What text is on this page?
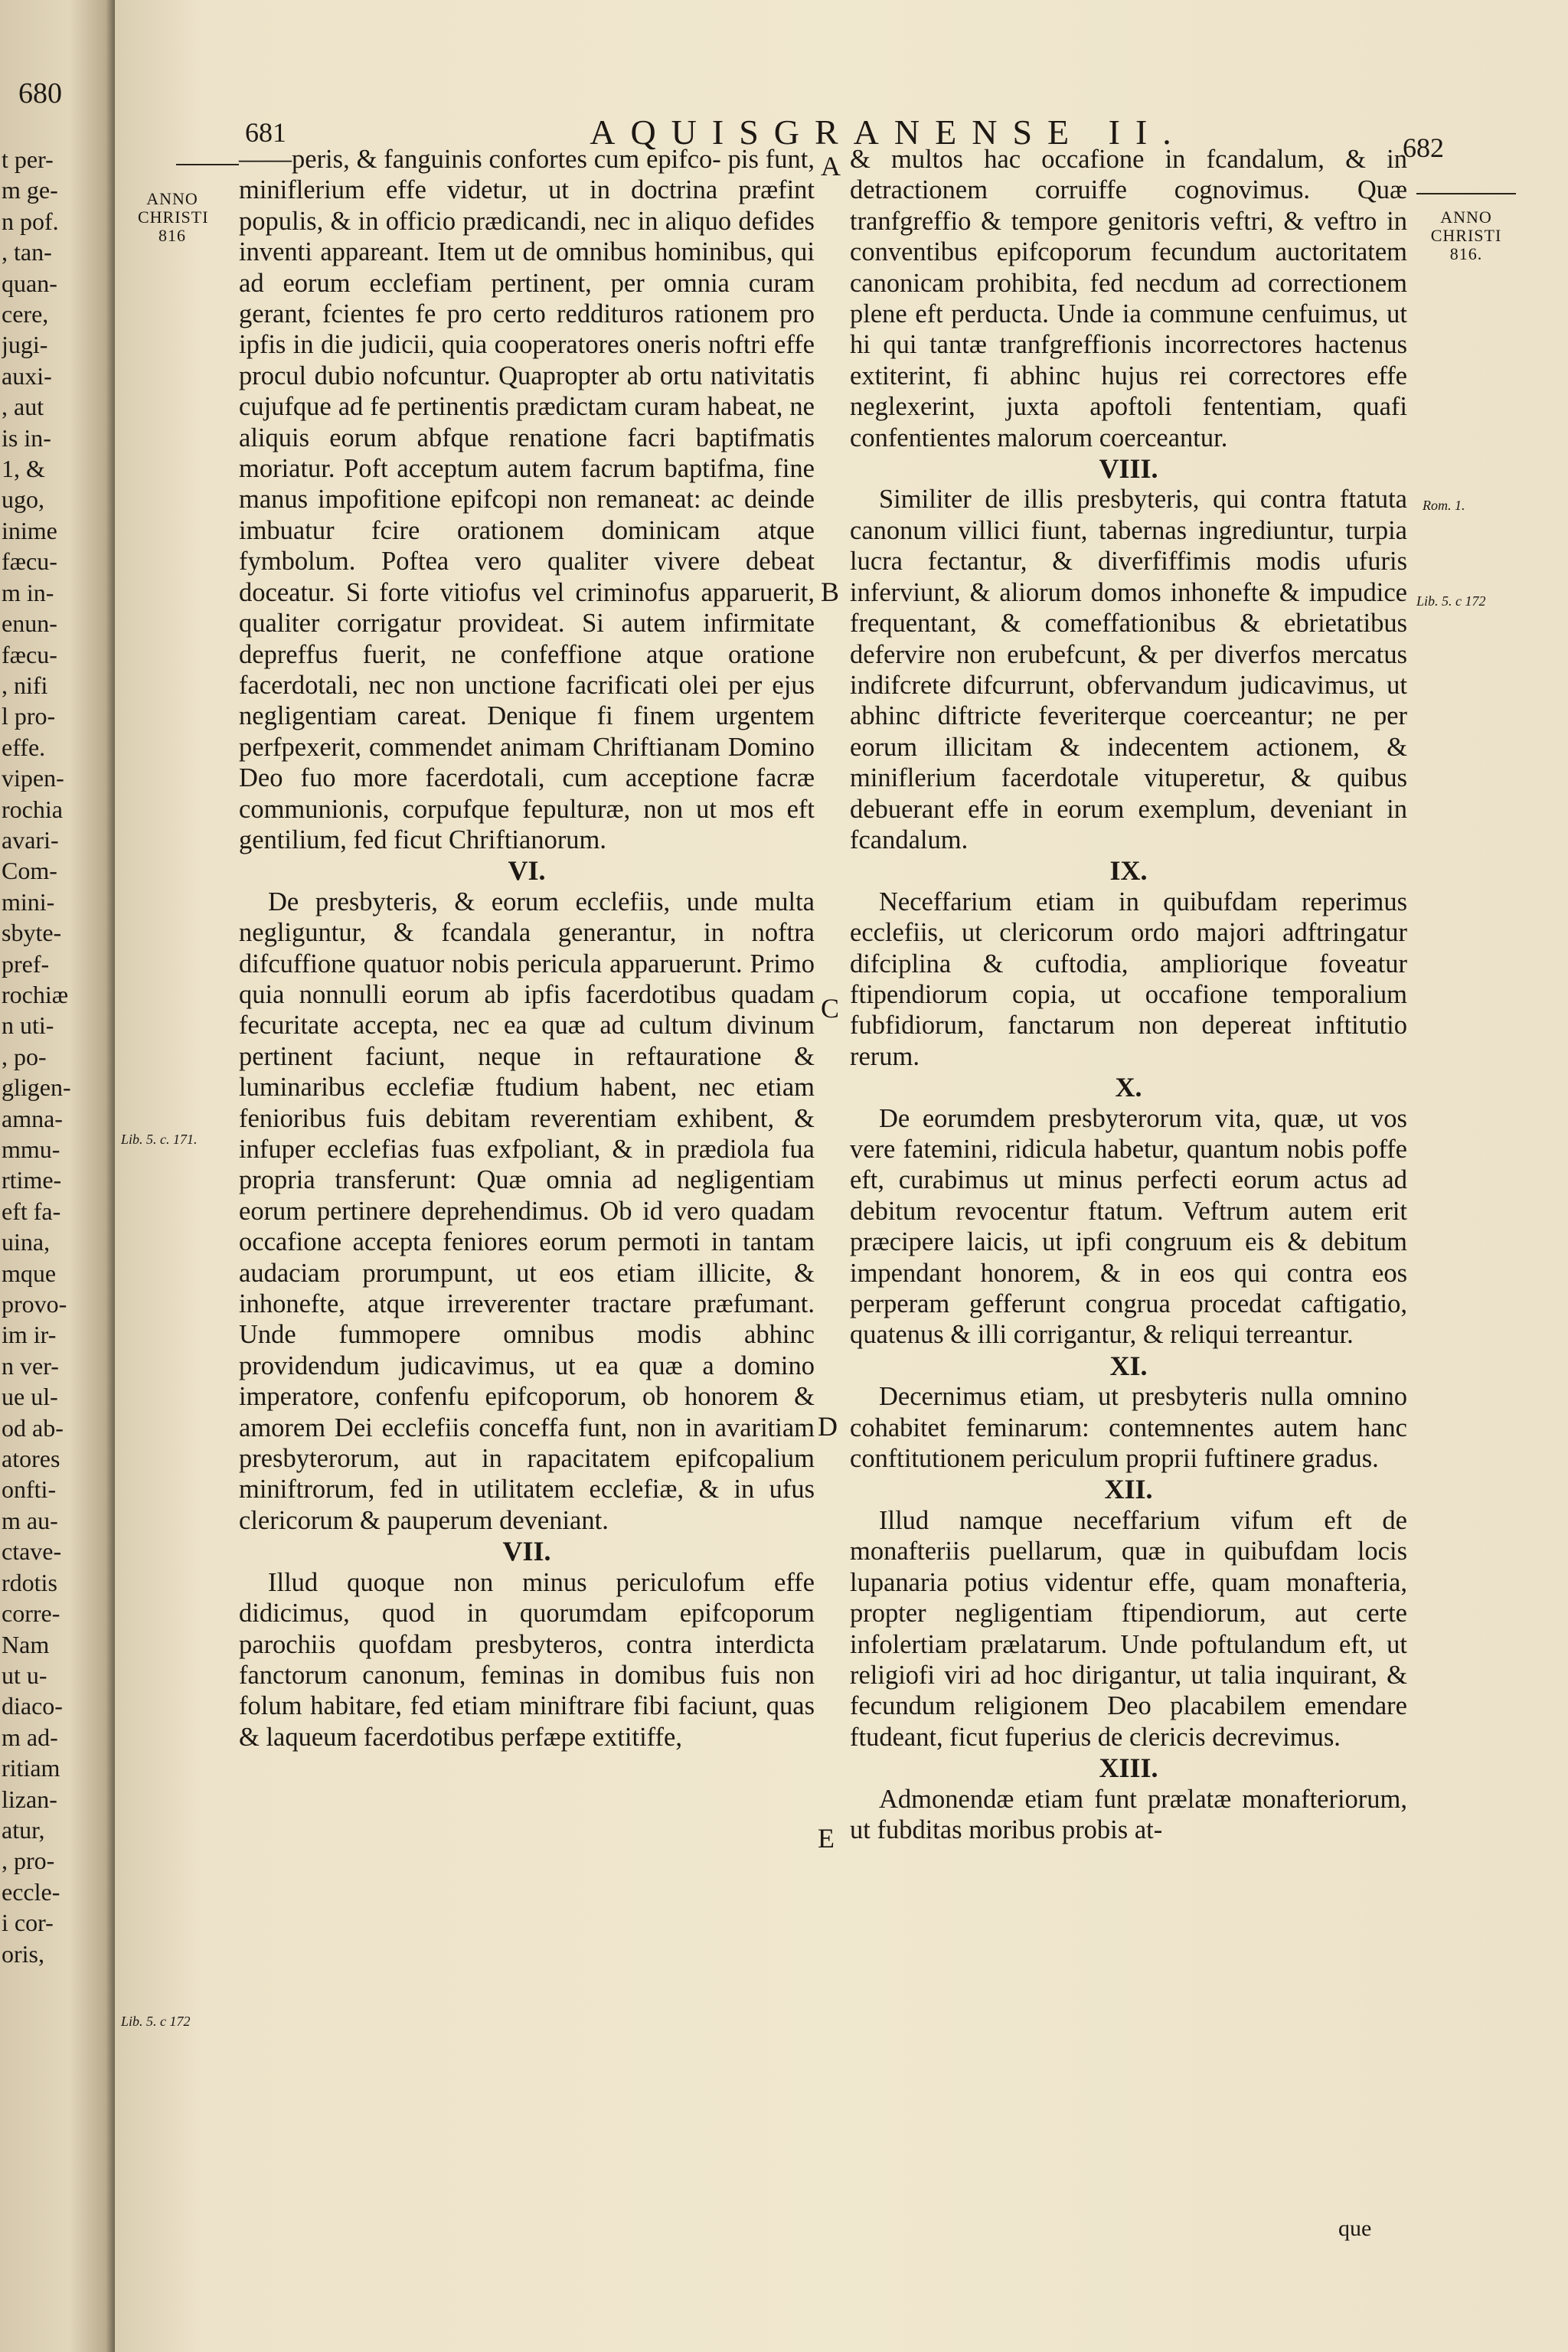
680
t per-
m ge-
n pof.
, tan-
quan-
cere,
jugi-
auxi-
, aut
is in-
1, &
ugo,
inime
fæcu-
m in-
enun-
fæcu-
, nifi
l pro-
effe.
vipen-
rochia
avari-
Com-
mini-
sbyte-
pref-
rochiæ
n uti-
, po-
gligen-
amna-
mmu-
rtime-
eft fa-
uina,
mque
provo-
im ir-
n ver-
ue ul-
od ab-
atores
onfti-
m au-
ctave-
rdotis
corre-
Nam
ut u-
diaco-
m ad-
ritiam
lizan-
atur,
, pro-
eccle-
i cor-
oris,
681	AQUISGRANENSE II.	682
ANNO
CHRISTI
816
ANNO
CHRISTI
816.
Lib. 5. c. 171.
Lib. 5. c 172
Lib. 5. c 172
Rom. 1.
A
B
C
D
E

——peris, & fanguinis confortes cum epifco- pis funt, miniflerium effe videtur, ut in doctrina præfint populis, & in officio prædicandi, nec in aliquo defides inventi appareant. Item ut de omnibus hominibus, qui ad eorum ecclefiam pertinent, per omnia curam gerant, fcientes fe pro certo reddituros rationem pro ipfis in die judicii, quia cooperatores oneris noftri effe procul dubio nofcuntur. Quapropter ab ortu nativitatis cujufque ad fe pertinentis prædictam curam habeat, ne aliquis eorum abfque renatione facri baptifmatis moriatur. Poft acceptum autem facrum baptifma, fine manus impofitione epifcopi non remaneat: ac deinde imbuatur fcire orationem dominicam atque fymbolum. Poftea vero qualiter vivere debeat doceatur. Si forte vitiofus vel criminofus apparuerit, qualiter corrigatur provideat. Si autem infirmitate depreffus fuerit, ne confeffione atque oratione facerdotali, nec non unctione facrificati olei per ejus negligentiam careat. Denique fi finem urgentem perfpexerit, commendet animam Chriftianam Domino Deo fuo more facerdotali, cum acceptione facræ communionis, corpufque fepulturæ, non ut mos eft gentilium, fed ficut Chriftianorum.

VI.

De presbyteris, & eorum ecclefiis, unde multa negliguntur, & fcandala generantur, in noftra difcuffione quatuor nobis pericula apparuerunt. Primo quia nonnulli eorum ab ipfis facerdotibus quadam fecuritate accepta, nec ea quæ ad cultum divinum pertinent faciunt, neque in reftauratione & luminaribus ecclefiæ ftudium habent, nec etiam fenioribus fuis debitam reverentiam exhibent, & infuper ecclefias fuas exfpoliant, & in prædiola fua propria transferunt: Quæ omnia ad negligentiam eorum pertinere deprehendimus. Ob id vero quadam occafione accepta feniores eorum permoti in tantam audaciam prorumpunt, ut eos etiam illicite, & inhonefte, atque irreverenter tractare præfumant. Unde fummopere omnibus modis abhinc providendum judicavimus, ut ea quæ a domino imperatore, confenfu epifcoporum, ob honorem & amorem Dei ecclefiis conceffa funt, non in avaritiam presbyterorum, aut in rapacitatem epifcopalium miniftrorum, fed in utilitatem ecclefiæ, & in ufus clericorum & pauperum deveniant.

VII.

Illud quoque non minus periculofum effe didicimus, quod in quorumdam epifcoporum parochiis quofdam presbyteros, contra interdicta fanctorum canonum, feminas in domibus fuis non folum habitare, fed etiam miniftrare fibi faciunt, quas & laqueum facerdotibus perfæpe extitiffe,

& multos hac occafione in fcandalum, & in detractionem corruiffe cognovimus. Quæ tranfgreffio & tempore genitoris veftri, & veftro in conventibus epifcoporum fecundum auctoritatem canonicam prohibita, fed necdum ad correctionem plene eft perducta. Unde ia commune cenfuimus, ut hi qui tantæ tranfgreffionis incorrectores hactenus extiterint, fi abhinc hujus rei correctores effe neglexerint, juxta apoftoli fententiam, quafi confentientes malorum coerceantur.

VIII.

Similiter de illis presbyteris, qui contra ftatuta canonum villici fiunt, tabernas ingrediuntur, turpia lucra fectantur, & diverfiffimis modis ufuris inferviunt, & aliorum domos inhonefte & impudice frequentant, & comeffationibus & ebrietatibus defervire non erubefcunt, & per diverfos mercatus indifcrete difcurrunt, obfervandum judicavimus, ut abhinc diftricte feveriterque coerceantur; ne per eorum illicitam & indecentem actionem, & miniflerium facerdotale vituperetur, & quibus debuerant effe in eorum exemplum, deveniant in fcandalum.

IX.

Neceffarium etiam in quibufdam reperimus ecclefiis, ut clericorum ordo majori adftringatur difciplina & cuftodia, ampliorique foveatur ftipendiorum copia, ut occafione temporalium fubfidiorum, fanctarum non depereat inftitutio rerum.

X.

De eorumdem presbyterorum vita, quæ, ut vos vere fatemini, ridicula habetur, quantum nobis poffe eft, curabimus ut minus perfecti eorum actus ad debitum revocentur ftatum. Veftrum autem erit præcipere laicis, ut ipfi congruum eis & debitum impendant honorem, & in eos qui contra eos perperam gefferunt congrua procedat caftigatio, quatenus & illi corrigantur, & reliqui terreantur.

XI.

Decernimus etiam, ut presbyteris nulla omnino cohabitet feminarum: contemnentes autem hanc conftitutionem periculum proprii fuftinere gradus.

XII.

Illud namque neceffarium vifum eft de monafteriis puellarum, quæ in quibufdam locis lupanaria potius videntur effe, quam monafteria, propter negligentiam ftipendiorum, aut certe infolertiam prælatarum. Unde poftulandum eft, ut religiofi viri ad hoc dirigantur, ut talia inquirant, & fecundum religionem Deo placabilem emendare ftudeant, ficut fuperius de clericis decrevimus.

XIII.

Admonendæ etiam funt prælatæ monafteriorum, ut fubditas moribus probis at-

que
